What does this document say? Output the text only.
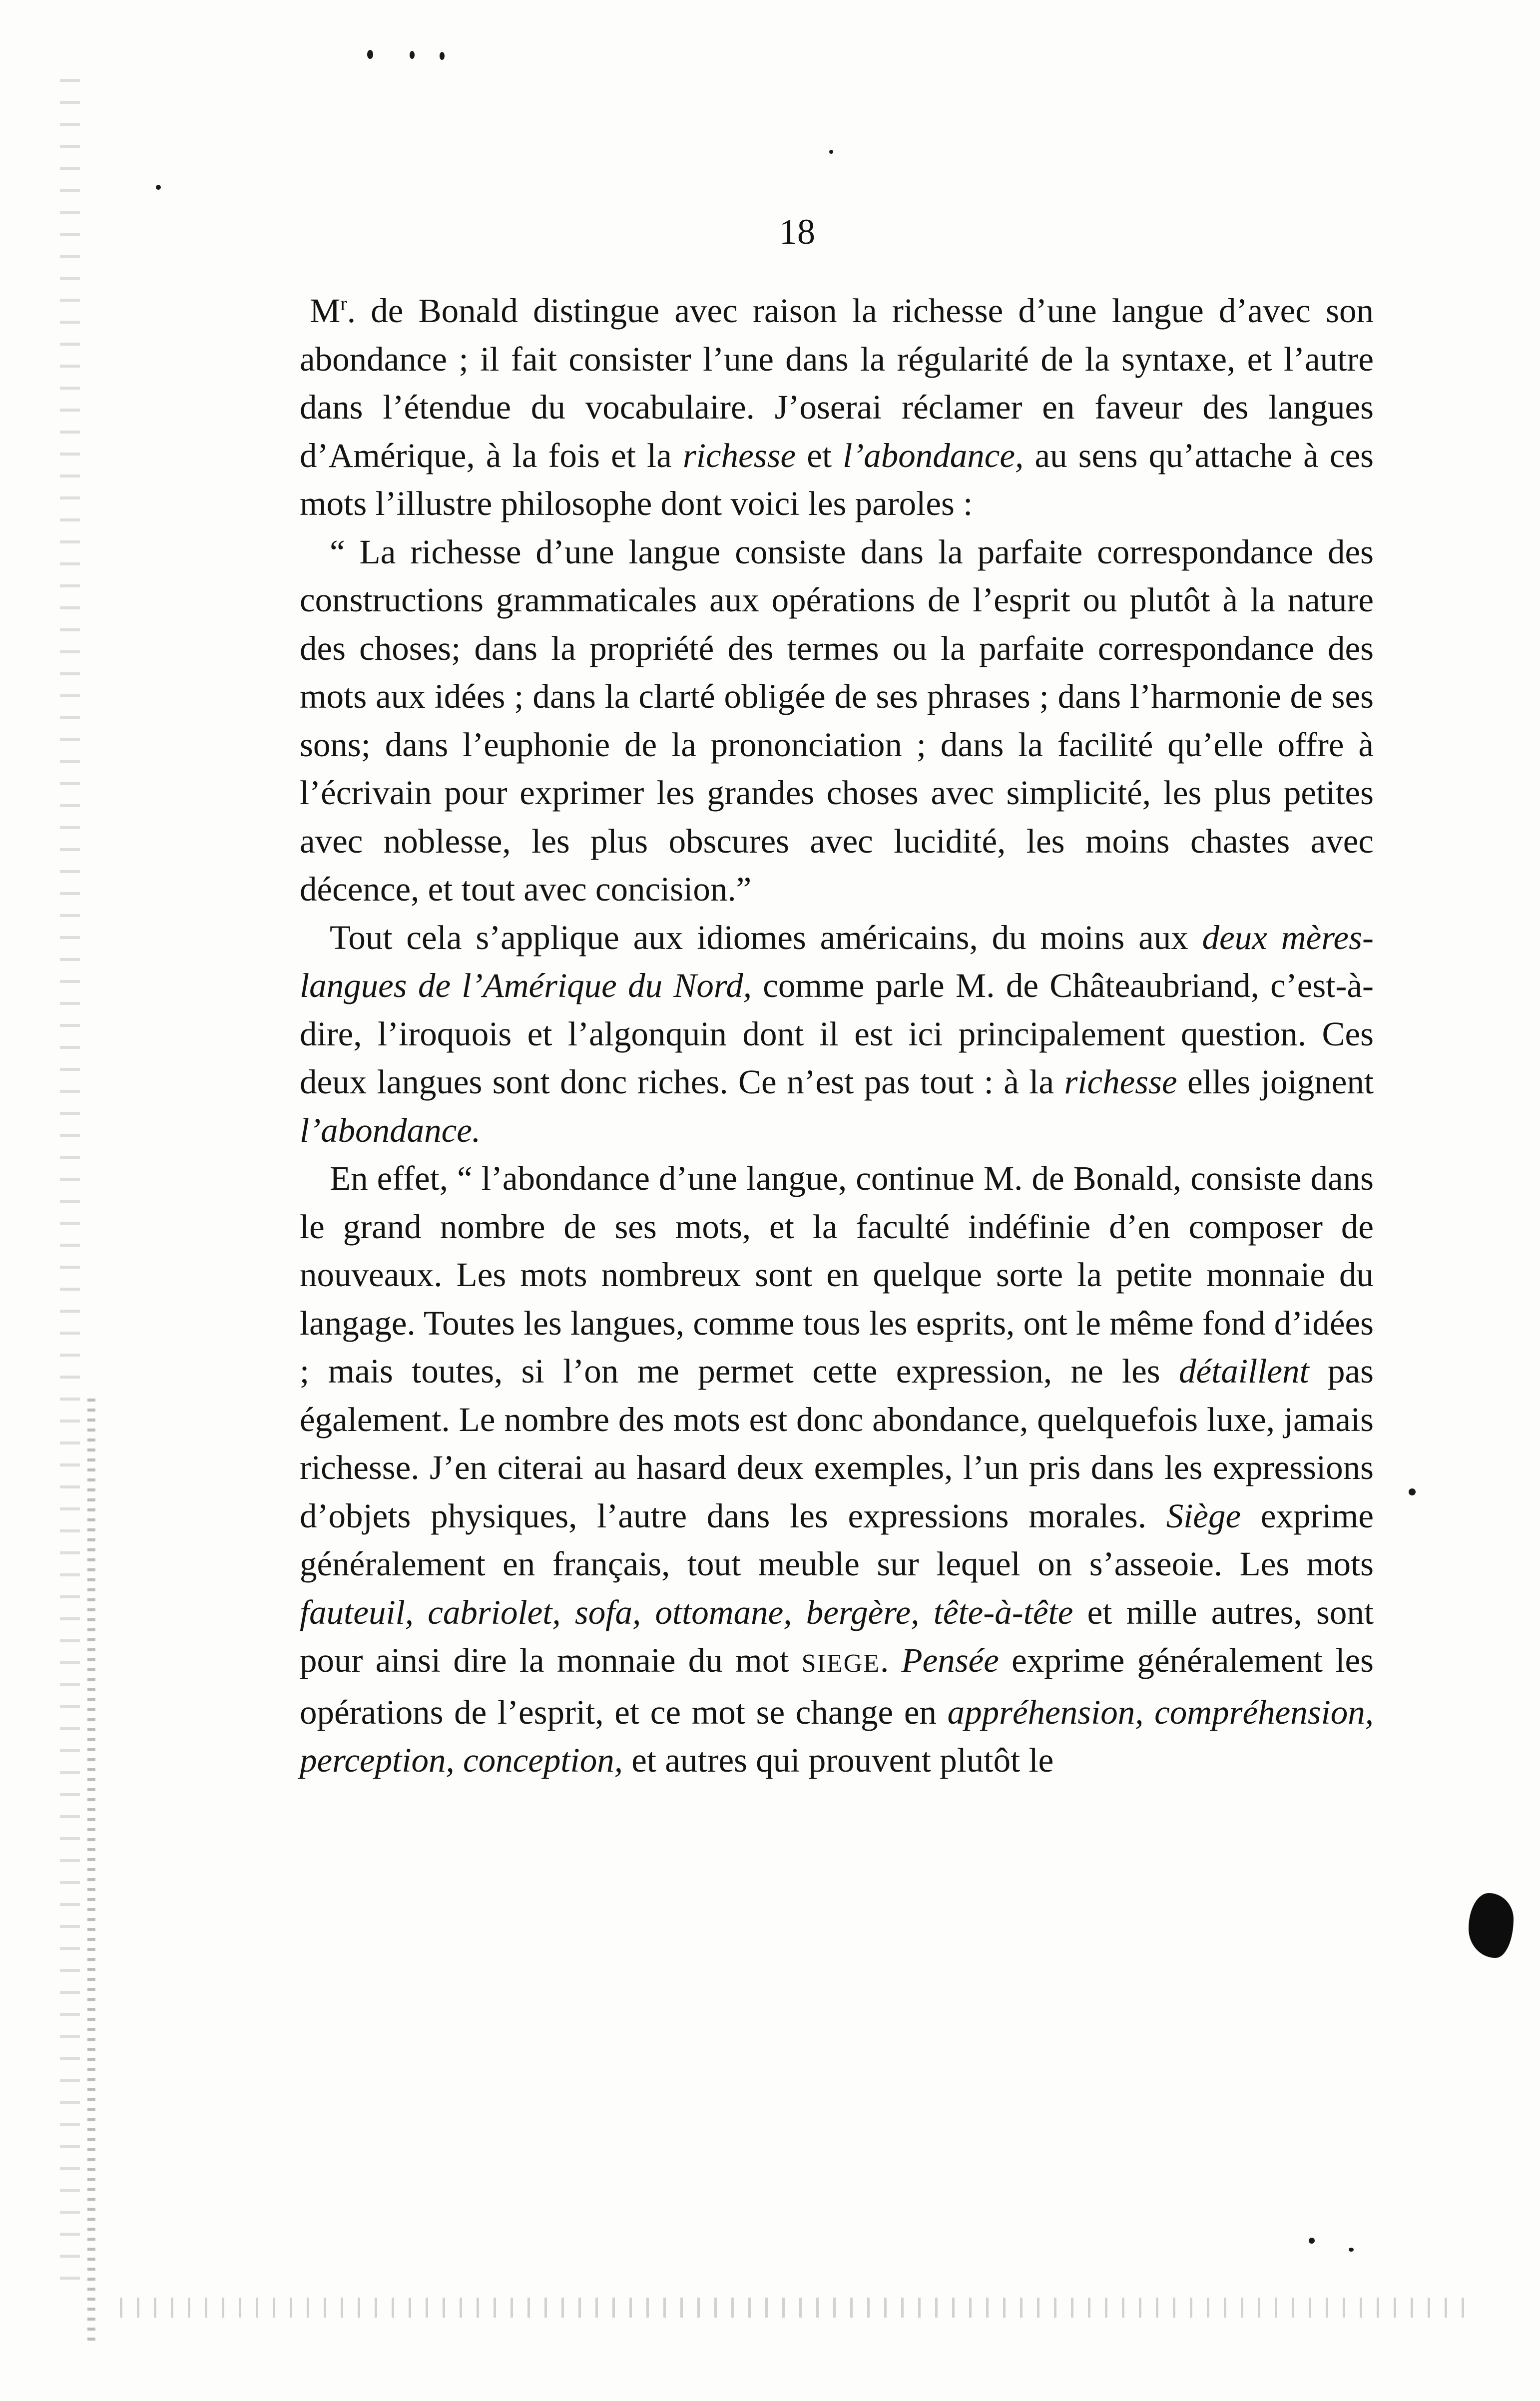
18

$M^r$. de Bonald distingue avec raison la richesse d’une langue d’avec son abondance ; il fait consister l’une dans la régularité de la syntaxe, et l’autre dans l’étendue du vocabulaire. J’oserai réclamer en faveur des langues d’Amérique, à la fois et la richesse et l’abondance, au sens qu’attache à ces mots l’illustre philosophe dont voici les paroles :

“ La richesse d’une langue consiste dans la parfaite correspondance des constructions grammaticales aux opérations de l’esprit ou plutôt à la nature des choses; dans la propriété des termes ou la parfaite correspondance des mots aux idées ; dans la clarté obligée de ses phrases ; dans l’harmonie de ses sons; dans l’euphonie de la prononciation ; dans la facilité qu’elle offre à l’écrivain pour exprimer les grandes choses avec simplicité, les plus petites avec noblesse, les plus obscures avec lucidité, les moins chastes avec décence, et tout avec concision.”

Tout cela s’applique aux idiomes américains, du moins aux deux mères-langues de l’Amérique du Nord, comme parle M. de Châteaubriand, c’est-à-dire, l’iroquois et l’algonquin dont il est ici principalement question. Ces deux langues sont donc riches. Ce n’est pas tout : à la richesse elles joignent l’abondance.

En effet, “ l’abondance d’une langue, continue M. de Bonald, consiste dans le grand nombre de ses mots, et la faculté indéfinie d’en composer de nouveaux. Les mots nombreux sont en quelque sorte la petite monnaie du langage. Toutes les langues, comme tous les esprits, ont le même fond d’idées ; mais toutes, si l’on me permet cette expression, ne les détaillent pas également. Le nombre des mots est donc abondance, quelquefois luxe, jamais richesse. J’en citerai au hasard deux exemples, l’un pris dans les expressions d’objets physiques, l’autre dans les expressions morales. Siège exprime généralement en français, tout meuble sur lequel on s’asseoie. Les mots fauteuil, cabriolet, sofa, ottomane, bergère, tête-à-tête et mille autres, sont pour ainsi dire la monnaie du mot SIEGE. Pensée exprime généralement les opérations de l’esprit, et ce mot se change en appréhension, compréhension, perception, conception, et autres qui prouvent plutôt le
